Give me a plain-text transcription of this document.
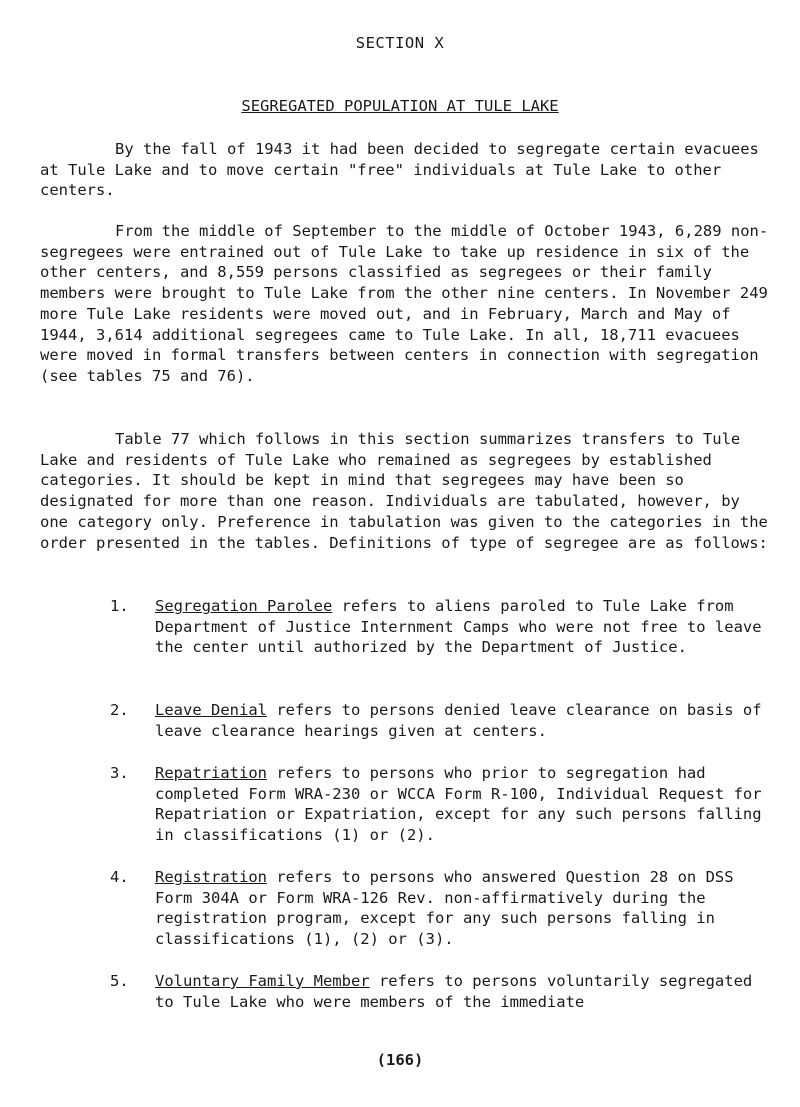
SECTION X
SEGREGATED POPULATION AT TULE LAKE

By the fall of 1943 it had been decided to segregate certain evacuees at Tule Lake and to move certain "free" individuals at Tule Lake to other centers.

From the middle of September to the middle of October 1943, 6,289 non-segregees were entrained out of Tule Lake to take up residence in six of the other centers, and 8,559 persons classified as segregees or their family members were brought to Tule Lake from the other nine centers. In November 249 more Tule Lake residents were moved out, and in February, March and May of 1944, 3,614 additional segregees came to Tule Lake. In all, 18,711 evacuees were moved in formal transfers between centers in connection with segregation (see tables 75 and 76).

Table 77 which follows in this section summarizes transfers to Tule Lake and residents of Tule Lake who remained as segregees by established categories. It should be kept in mind that segregees may have been so designated for more than one reason. Individuals are tabulated, however, by one category only. Preference in tabulation was given to the categories in the order presented in the tables. Definitions of type of segregee are as follows:

1.	Segregation Parolee refers to aliens paroled to Tule Lake from Department of Justice Internment Camps who were not free to leave the center until authorized by the Department of Justice.
2.	Leave Denial refers to persons denied leave clearance on basis of leave clearance hearings given at centers.
3.	Repatriation refers to persons who prior to segregation had completed Form WRA-230 or WCCA Form R-100, Individual Request for Repatriation or Expatriation, except for any such persons falling in classifications (1) or (2).
4.	Registration refers to persons who answered Question 28 on DSS Form 304A or Form WRA-126 Rev. non-affirmatively during the registration program, except for any such persons falling in classifications (1), (2) or (3).
5.	Voluntary Family Member refers to persons voluntarily segregated to Tule Lake who were members of the immediate
(166)
